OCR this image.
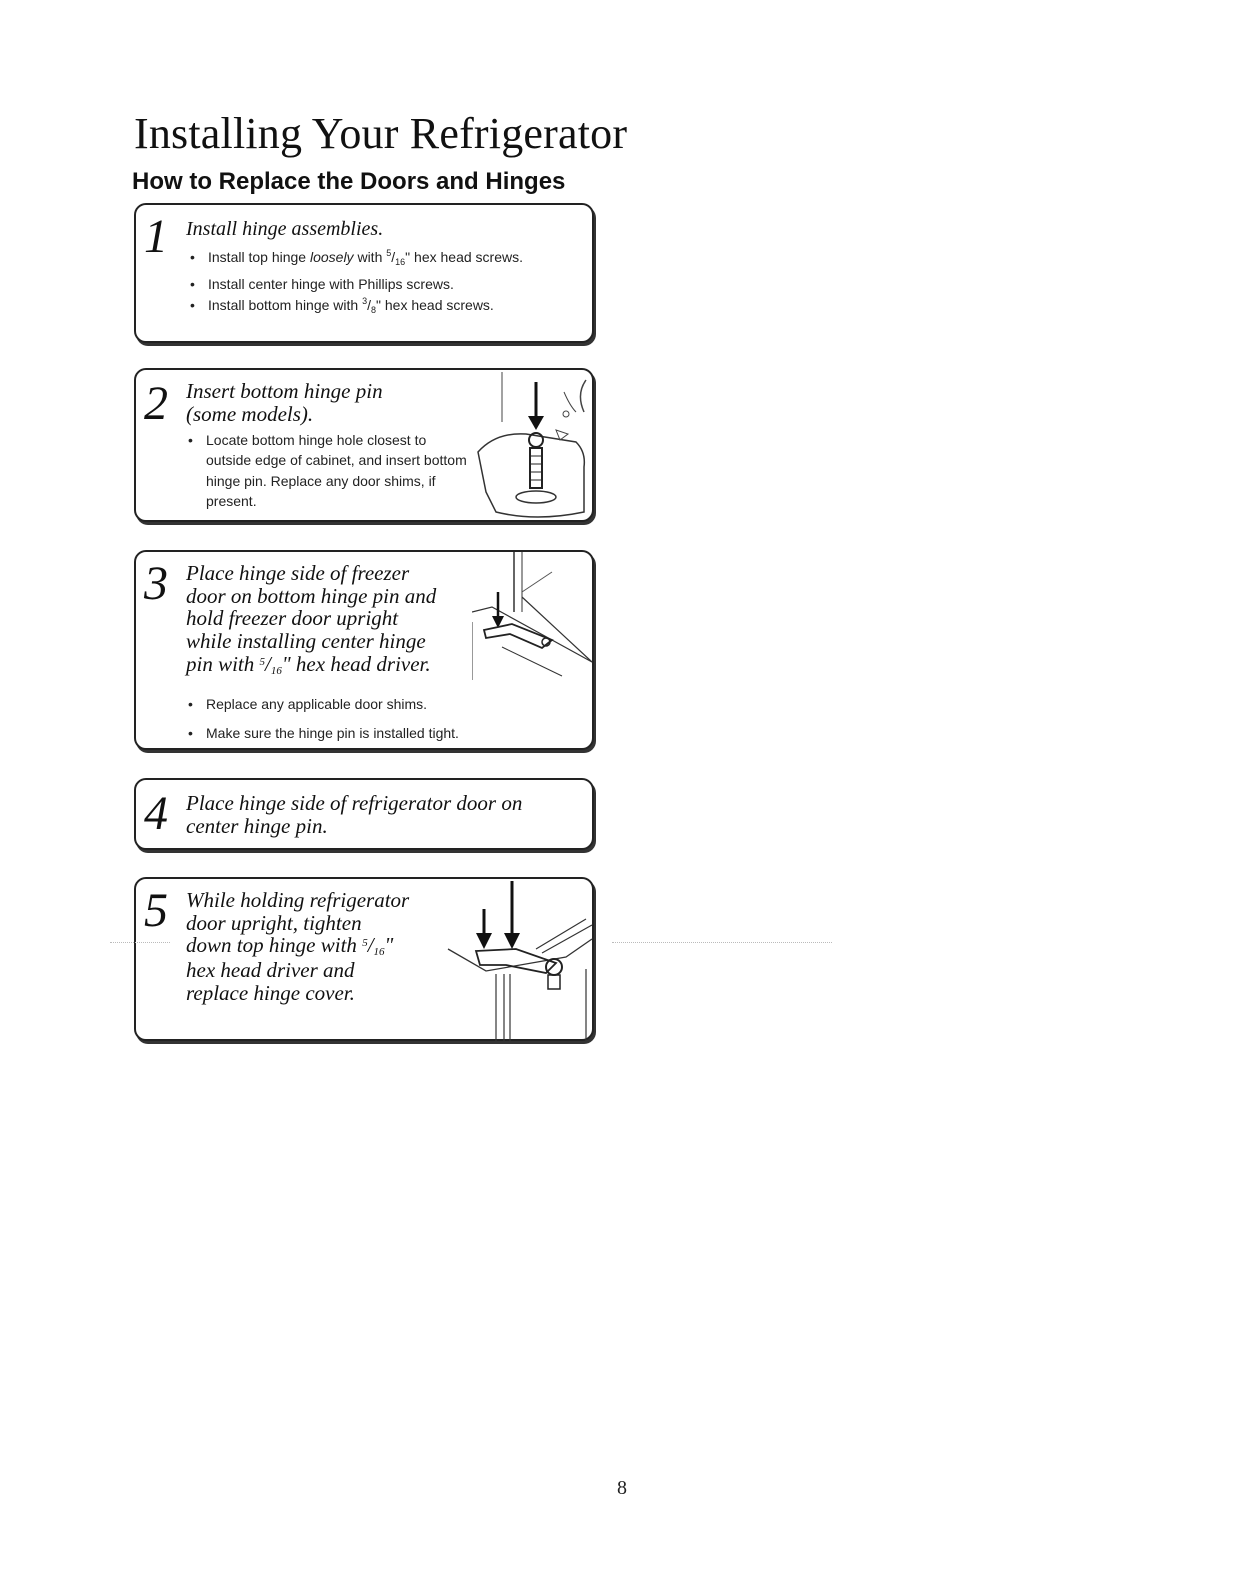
Installing Your Refrigerator
How to Replace the Doors and Hinges
1 Install hinge assemblies.
• Install top hinge loosely with $^5/_{16}$" hex head screws.
• Install center hinge with Phillips screws.
• Install bottom hinge with $^3/_8$" hex head screws.
2 Insert bottom hinge pin
(some models).
• Locate bottom hinge hole closest to outside edge of cabinet, and insert bottom hinge pin. Replace any door shims, if present.
3 Place hinge side of freezer
door on bottom hinge pin and
hold freezer door upright
while installing center hinge
pin with $^5/_{16}$" hex head driver.
• Replace any applicable door shims.
• Make sure the hinge pin is installed tight.
4 Place hinge side of refrigerator door on
center hinge pin.
5 While holding refrigerator
door upright, tighten
down top hinge with $^5/_{16}$"
hex head driver and
replace hinge cover.
8
